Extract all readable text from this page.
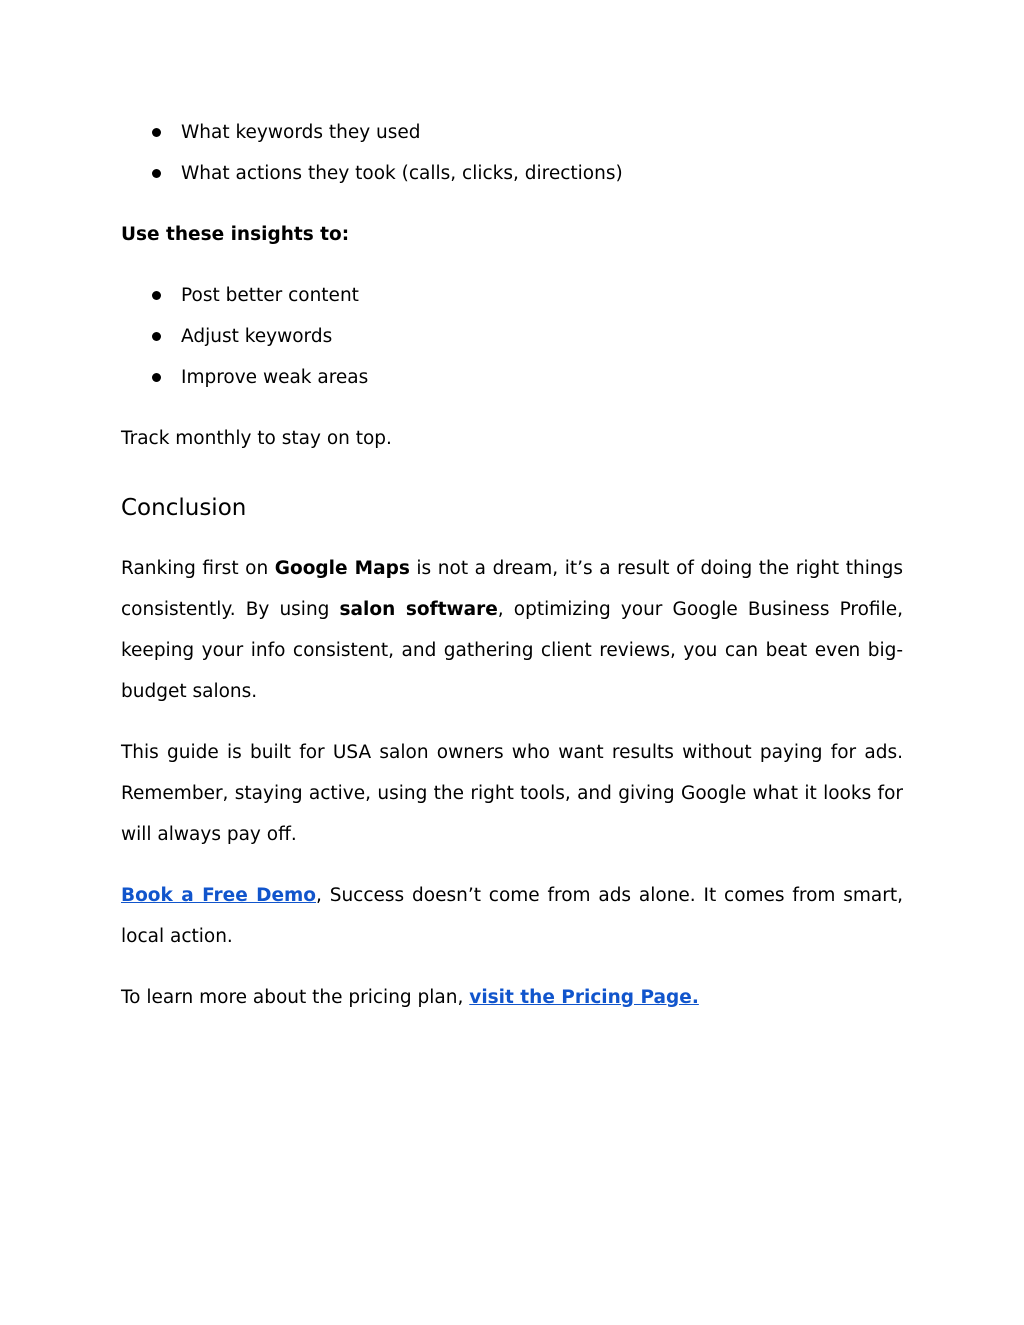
What keywords they used
What actions they took (calls, clicks, directions)

Use these insights to:

Post better content
Adjust keywords
Improve weak areas

Track monthly to stay on top.

Conclusion

Ranking first on Google Maps is not a dream, it’s a result of doing the right things consistently. By using salon software, optimizing your Google Business Profile, keeping your info consistent, and gathering client reviews, you can beat even big-budget salons.

This guide is built for USA salon owners who want results without paying for ads. Remember, staying active, using the right tools, and giving Google what it looks for will always pay off.

Book a Free Demo, Success doesn’t come from ads alone. It comes from smart, local action.

To learn more about the pricing plan, visit the Pricing Page.
